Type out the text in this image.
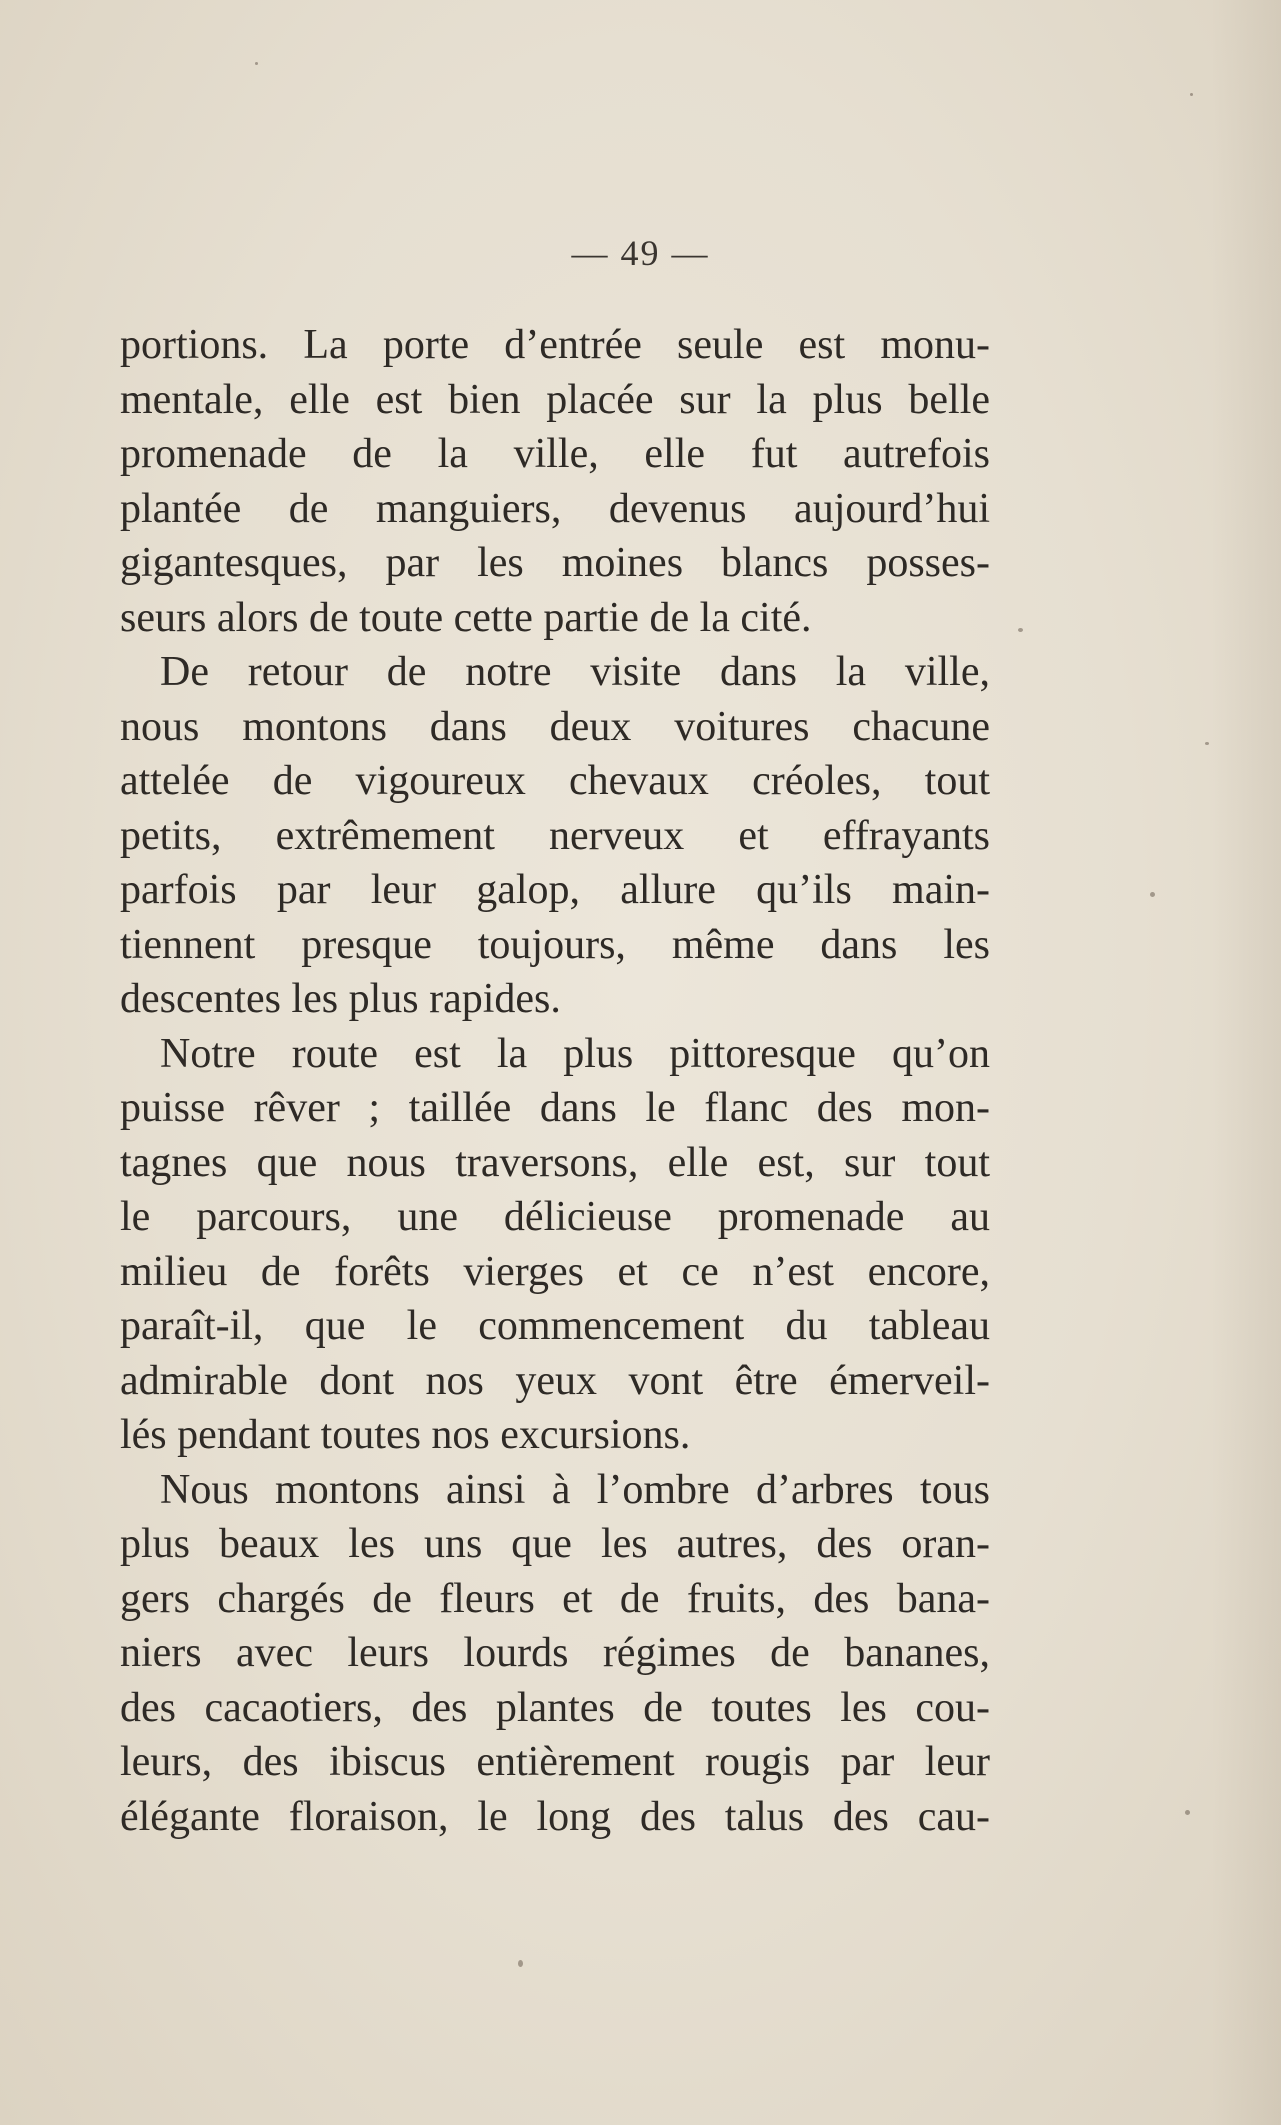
— 49 —
portions. La porte d’entrée seule est monu-
mentale, elle est bien placée sur la plus belle
promenade de la ville, elle fut autrefois
plantée de manguiers, devenus aujourd’hui
gigantesques, par les moines blancs posses-
seurs alors de toute cette partie de la cité.
De retour de notre visite dans la ville,
nous montons dans deux voitures chacune
attelée de vigoureux chevaux créoles, tout
petits, extrêmement nerveux et effrayants
parfois par leur galop, allure qu’ils main-
tiennent presque toujours, même dans les
descentes les plus rapides.
Notre route est la plus pittoresque qu’on
puisse rêver ; taillée dans le flanc des mon-
tagnes que nous traversons, elle est, sur tout
le parcours, une délicieuse promenade au
milieu de forêts vierges et ce n’est encore,
paraît-il, que le commencement du tableau
admirable dont nos yeux vont être émerveil-
lés pendant toutes nos excursions.
Nous montons ainsi à l’ombre d’arbres tous
plus beaux les uns que les autres, des oran-
gers chargés de fleurs et de fruits, des bana-
niers avec leurs lourds régimes de bananes,
des cacaotiers, des plantes de toutes les cou-
leurs, des ibiscus entièrement rougis par leur
élégante floraison, le long des talus des cau-
